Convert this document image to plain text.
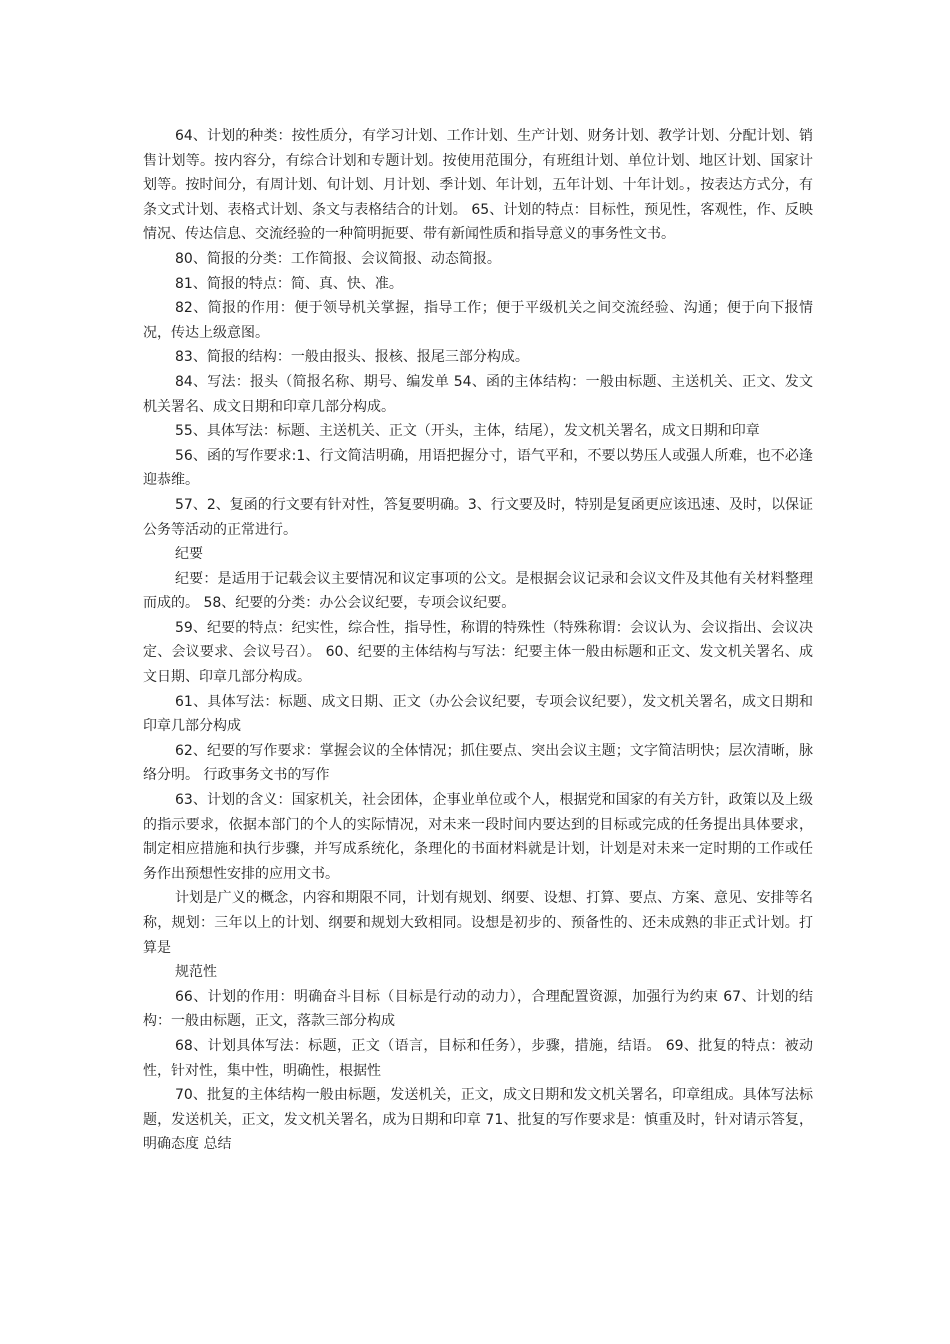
64、计划的种类：按性质分，有学习计划、工作计划、生产计划、财务计划、教学计划、分配计划、销售计划等。按内容分，有综合计划和专题计划。按使用范围分，有班组计划、单位计划、地区计划、国家计划等。按时间分，有周计划、旬计划、月计划、季计划、年计划，五年计划、十年计划。，按表达方式分，有条文式计划、表格式计划、条文与表格结合的计划。 65、计划的特点：目标性，预见性，客观性，作、反映情况、传达信息、交流经验的一种简明扼要、带有新闻性质和指导意义的事务性文书。

80、简报的分类：工作简报、会议简报、动态简报。

81、简报的特点：简、真、快、准。

82、简报的作用：便于领导机关掌握，指导工作；便于平级机关之间交流经验、沟通；便于向下报情况，传达上级意图。

83、简报的结构：一般由报头、报核、报尾三部分构成。

84、写法：报头（简报名称、期号、编发单 54、函的主体结构：一般由标题、主送机关、正文、发文机关署名、成文日期和印章几部分构成。

55、具体写法：标题、主送机关、正文（开头，主体，结尾），发文机关署名，成文日期和印章

56、函的写作要求:1、行文简洁明确，用语把握分寸，语气平和，不要以势压人或强人所难，也不必逢迎恭维。

57、2、复函的行文要有针对性，答复要明确。3、行文要及时，特别是复函更应该迅速、及时，以保证公务等活动的正常进行。

纪要

纪要：是适用于记载会议主要情况和议定事项的公文。是根据会议记录和会议文件及其他有关材料整理而成的。 58、纪要的分类：办公会议纪要，专项会议纪要。

59、纪要的特点：纪实性，综合性，指导性，称谓的特殊性（特殊称谓：会议认为、会议指出、会议决定、会议要求、会议号召）。 60、纪要的主体结构与写法：纪要主体一般由标题和正文、发文机关署名、成文日期、印章几部分构成。

61、具体写法：标题、成文日期、正文（办公会议纪要，专项会议纪要），发文机关署名，成文日期和印章几部分构成

62、纪要的写作要求：掌握会议的全体情况；抓住要点、突出会议主题；文字简洁明快；层次清晰，脉络分明。 行政事务文书的写作

63、计划的含义：国家机关，社会团体，企事业单位或个人，根据党和国家的有关方针，政策以及上级的指示要求，依据本部门的个人的实际情况，对未来一段时间内要达到的目标或完成的任务提出具体要求，制定相应措施和执行步骤，并写成系统化，条理化的书面材料就是计划，计划是对未来一定时期的工作或任务作出预想性安排的应用文书。

计划是广义的概念，内容和期限不同，计划有规划、纲要、设想、打算、要点、方案、意见、安排等名称，规划：三年以上的计划、纲要和规划大致相同。设想是初步的、预备性的、还未成熟的非正式计划。打算是

规范性

66、计划的作用：明确奋斗目标（目标是行动的动力），合理配置资源，加强行为约束 67、计划的结构：一般由标题，正文，落款三部分构成

68、计划具体写法：标题，正文（语言，目标和任务），步骤，措施，结语。 69、批复的特点：被动性，针对性，集中性，明确性，根据性

70、批复的主体结构一般由标题，发送机关，正文，成文日期和发文机关署名，印章组成。具体写法标题，发送机关，正文，发文机关署名，成为日期和印章 71、批复的写作要求是：慎重及时，针对请示答复，明确态度 总结
